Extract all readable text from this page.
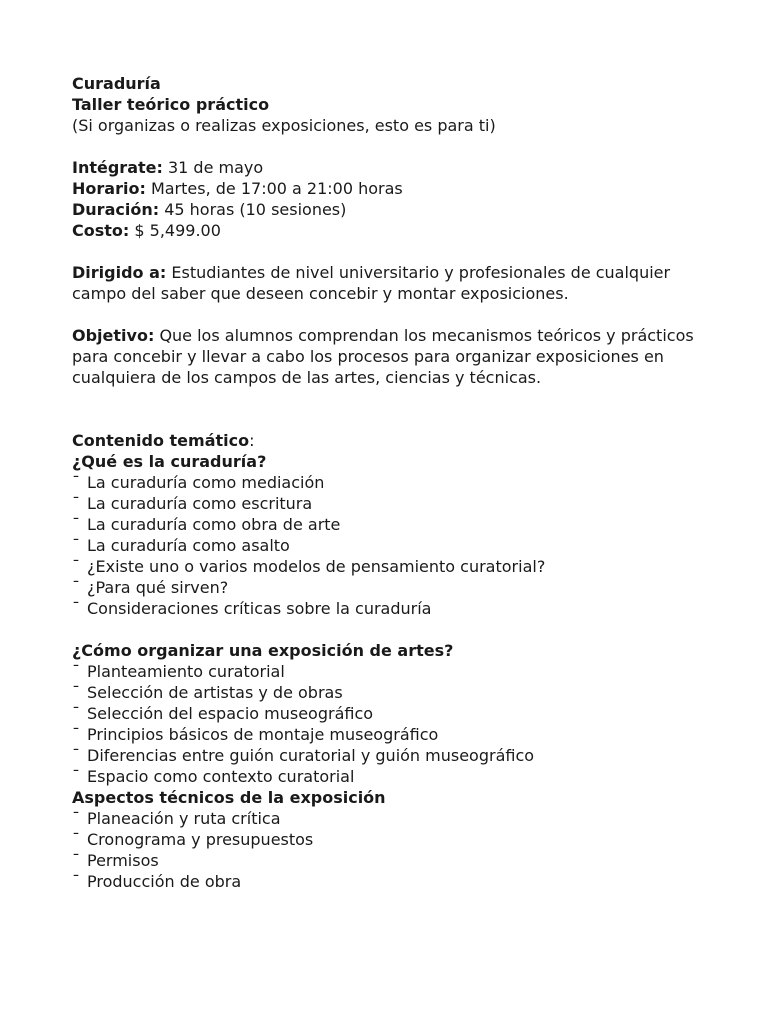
Curaduría
Taller teórico práctico
(Si organizas o realizas exposiciones, esto es para ti)
Intégrate: 31 de mayo
Horario: Martes, de 17:00 a 21:00 horas
Duración: 45 horas (10 sesiones)
Costo: $ 5,499.00
Dirigido a: Estudiantes de nivel universitario y profesionales de cualquier campo del saber que deseen concebir y montar exposiciones.
Objetivo: Que los alumnos comprendan los mecanismos teóricos y prácticos para concebir y llevar a cabo los procesos para organizar exposiciones en cualquiera de los campos de las artes, ciencias y técnicas.
Contenido temático:
¿Qué es la curaduría?
ˉ La curaduría como mediación
ˉ La curaduría como escritura
ˉ La curaduría como obra de arte
ˉ La curaduría como asalto
ˉ ¿Existe uno o varios modelos de pensamiento curatorial?
ˉ ¿Para qué sirven?
ˉ Consideraciones críticas sobre la curaduría
¿Cómo organizar una exposición de artes?
ˉ Planteamiento curatorial
ˉ Selección de artistas y de obras
ˉ Selección del espacio museográfico
ˉ Principios básicos de montaje museográfico
ˉ Diferencias entre guión curatorial y guión museográfico
ˉ Espacio como contexto curatorial
Aspectos técnicos de la exposición
ˉ Planeación y ruta crítica
ˉ Cronograma y presupuestos
ˉ Permisos
ˉ Producción de obra
